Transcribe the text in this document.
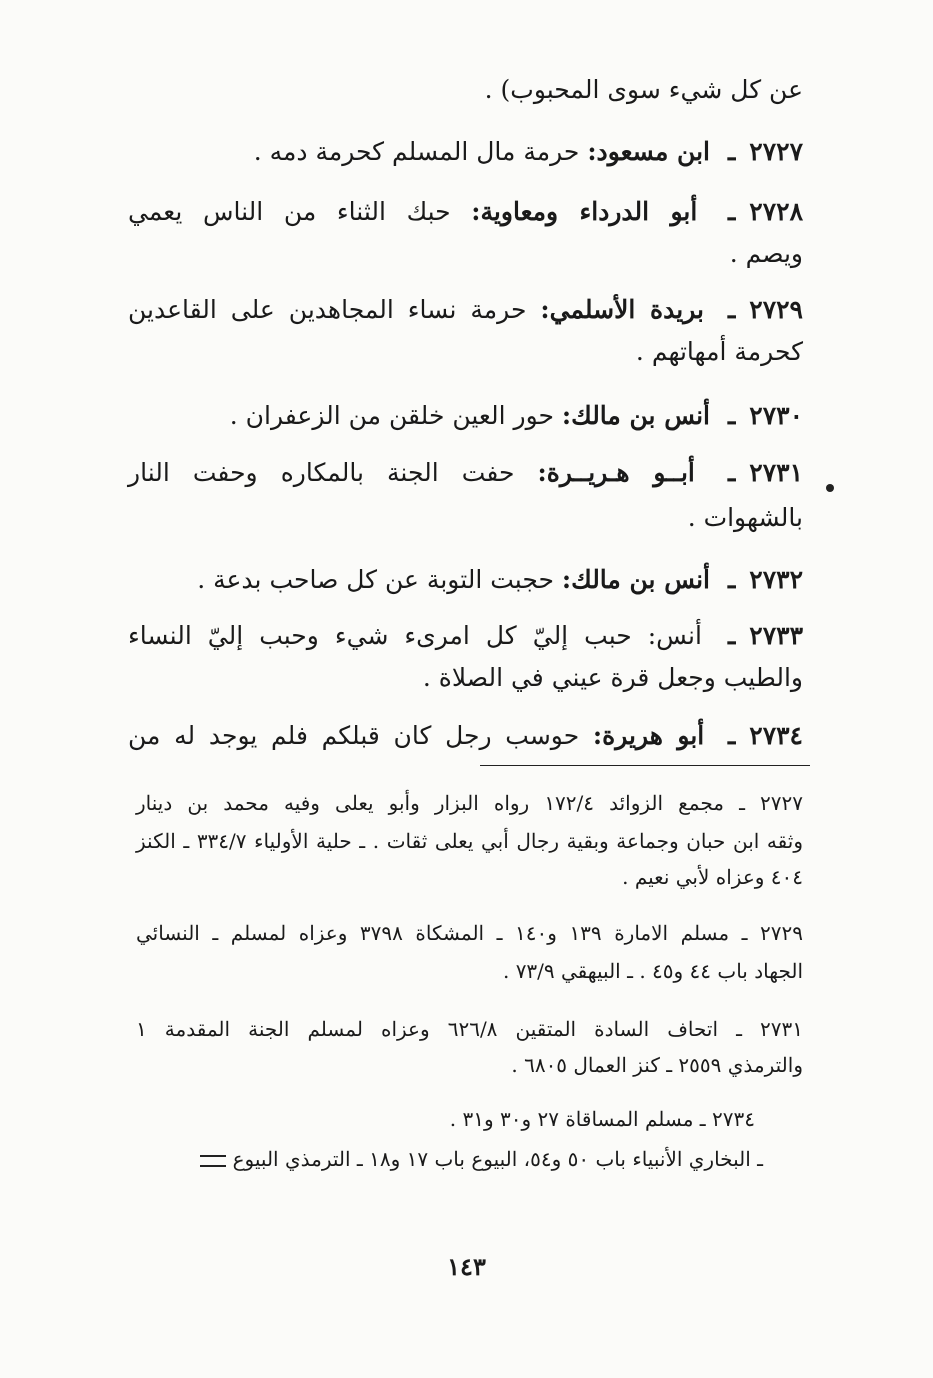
عن كل شيء سوى المحبوب) .
٢٧٢٧ـ ابن مسعود: حرمة مال المسلم كحرمة دمه .
٢٧٢٨ـ أبو الدرداء ومعاوية: حبك الثناء من الناس يعمي
ويصم .
٢٧٢٩ـ بريدة الأسلمي: حرمة نساء المجاهدين على القاعدين
كحرمة أمهاتهم .
٢٧٣٠ـ أنس بن مالك: حور العين خلقن من الزعفران .
٢٧٣١ـ أبــو هـريــرة: حفت الجنة بالمكاره وحفت النار
بالشهوات .
٢٧٣٢ـ أنس بن مالك: حجبت التوبة عن كل صاحب بدعة .
٢٧٣٣ـ أنس: حبب إليّ كل امرىء شيء وحبب إليّ النساء
والطيب وجعل قرة عيني في الصلاة .
٢٧٣٤ـ أبو هريرة: حوسب رجل كان قبلكم فلم يوجد له من
٢٧٢٧ ـ مجمع الزوائد ١٧٢/٤ رواه البزار وأبو يعلى وفيه محمد بن دينار
وثقه ابن حبان وجماعة وبقية رجال أبي يعلى ثقات . ـ حلية الأولياء ٣٣٤/٧ ـ الكنز
٤٠٤ وعزاه لأبي نعيم .
٢٧٢٩ ـ مسلم الامارة ١٣٩ و١٤٠ ـ المشكاة ٣٧٩٨ وعزاه لمسلم ـ النسائي
الجهاد باب ٤٤ و٤٥ . ـ البيهقي ٧٣/٩ .
٢٧٣١ ـ اتحاف السادة المتقين ٦٢٦/٨ وعزاه لمسلم الجنة المقدمة ١
والترمذي ٢٥٥٩ ـ كنز العمال ٦٨٠٥ .
٢٧٣٤ ـ مسلم المساقاة ٢٧ و٣٠ و٣١ .
ـ البخاري الأنبياء باب ٥٠ و٥٤، البيوع باب ١٧ و١٨ ـ الترمذي البيوع
١٤٣
